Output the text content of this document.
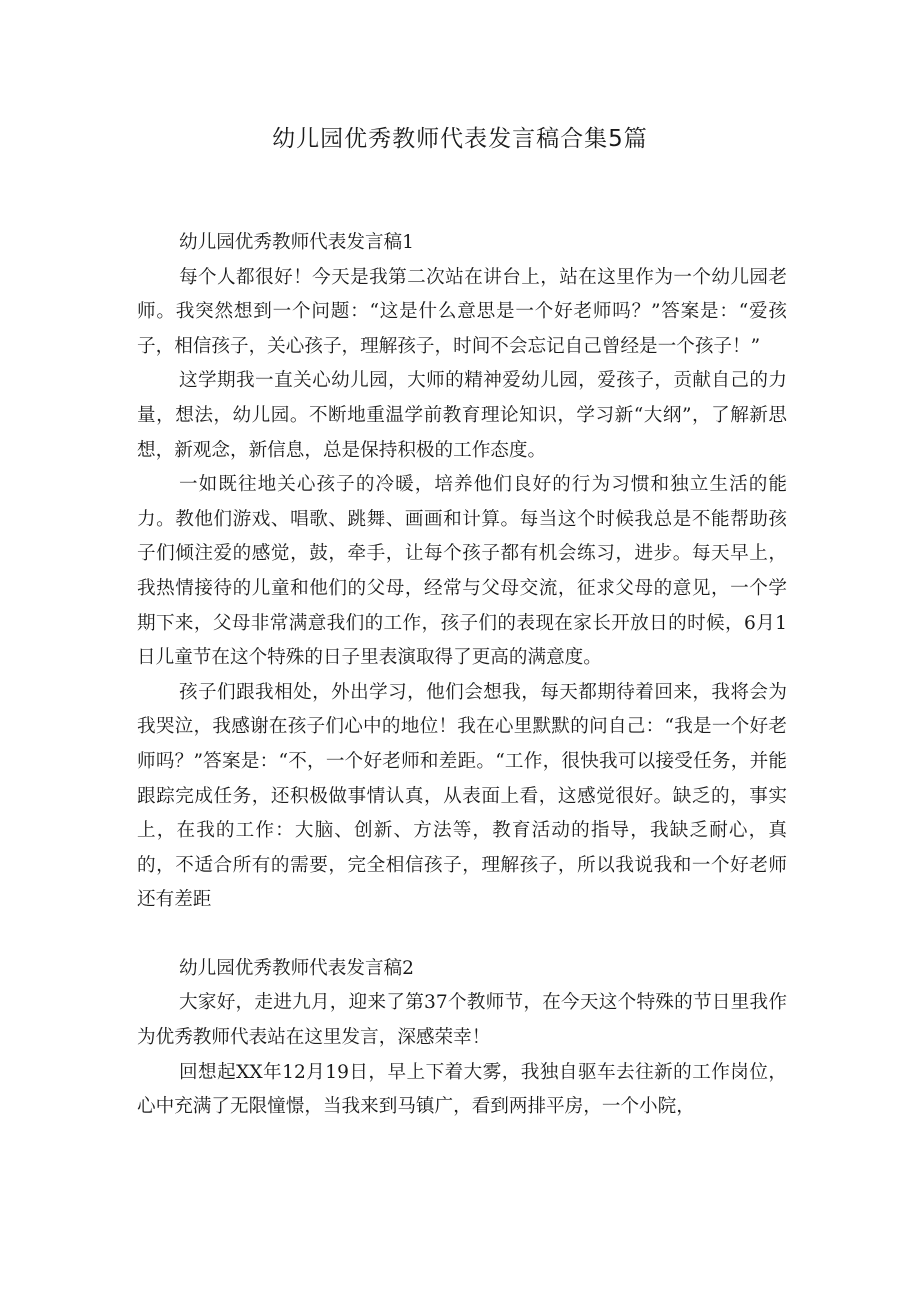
幼儿园优秀教师代表发言稿合集5篇

幼儿园优秀教师代表发言稿1

每个人都很好！今天是我第二次站在讲台上，站在这里作为一个幼儿园老师。我突然想到一个问题：“这是什么意思是一个好老师吗？”答案是：“爱孩子，相信孩子，关心孩子，理解孩子，时间不会忘记自己曾经是一个孩子！”

这学期我一直关心幼儿园，大师的精神爱幼儿园，爱孩子，贡献自己的力量，想法，幼儿园。不断地重温学前教育理论知识，学习新“大纲”，了解新思想，新观念，新信息，总是保持积极的工作态度。

一如既往地关心孩子的冷暖，培养他们良好的行为习惯和独立生活的能力。教他们游戏、唱歌、跳舞、画画和计算。每当这个时候我总是不能帮助孩子们倾注爱的感觉，鼓，牵手，让每个孩子都有机会练习，进步。每天早上，我热情接待的儿童和他们的父母，经常与父母交流，征求父母的意见，一个学期下来，父母非常满意我们的工作，孩子们的表现在家长开放日的时候，6月1日儿童节在这个特殊的日子里表演取得了更高的满意度。

孩子们跟我相处，外出学习，他们会想我，每天都期待着回来，我将会为我哭泣，我感谢在孩子们心中的地位！我在心里默默的问自己：“我是一个好老师吗？”答案是：“不，一个好老师和差距。“工作，很快我可以接受任务，并能跟踪完成任务，还积极做事情认真，从表面上看，这感觉很好。缺乏的，事实上，在我的工作：大脑、创新、方法等，教育活动的指导，我缺乏耐心，真的，不适合所有的需要，完全相信孩子，理解孩子，所以我说我和一个好老师还有差距

幼儿园优秀教师代表发言稿2

大家好，走进九月，迎来了第37个教师节，在今天这个特殊的节日里我作为优秀教师代表站在这里发言，深感荣幸！

回想起XX年12月19日，早上下着大雾，我独自驱车去往新的工作岗位，心中充满了无限憧憬，当我来到马镇广，看到两排平房，一个小院，
